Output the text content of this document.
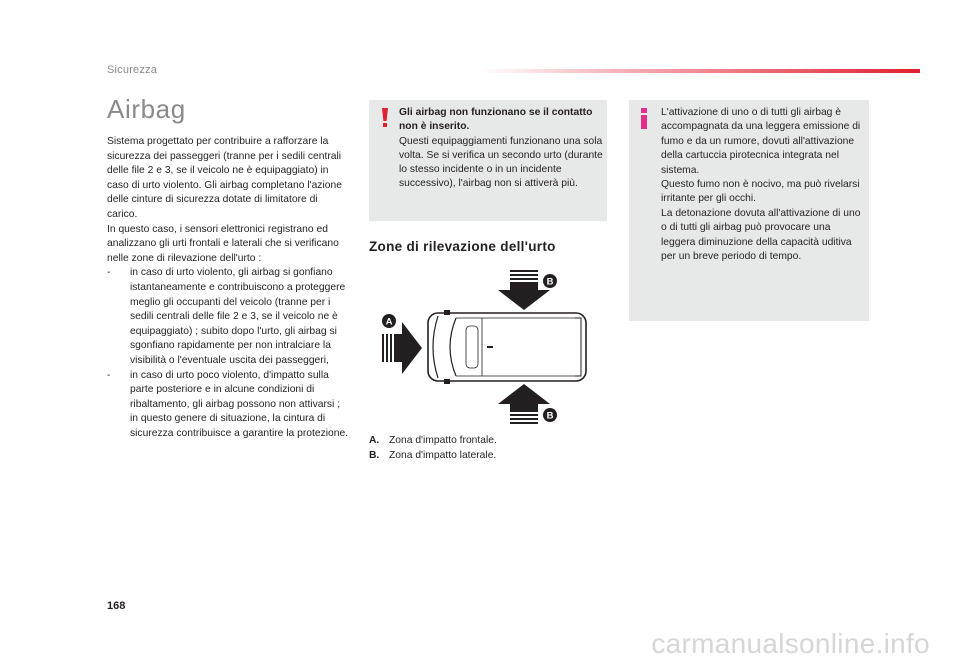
Sicurezza
Airbag

Sistema progettato per contribuire a rafforzare la sicurezza dei passeggeri (tranne per i sedili centrali delle file 2 e 3, se il veicolo ne è equipaggiato) in caso di urto violento. Gli airbag completano l'azione delle cinture di sicurezza dotate di limitatore di carico.

In questo caso, i sensori elettronici registrano ed analizzano gli urti frontali e laterali che si verificano nelle zone di rilevazione dell'urto :

- in caso di urto violento, gli airbag si gonfiano istantaneamente e contribuiscono a proteggere meglio gli occupanti del veicolo (tranne per i sedili centrali delle file 2 e 3, se il veicolo ne è equipaggiato) ; subito dopo l'urto, gli airbag si sgonfiano rapidamente per non intralciare la visibilità o l'eventuale uscita dei passeggeri,
- in caso di urto poco violento, d'impatto sulla parte posteriore e in alcune condizioni di ribaltamento, gli airbag possono non attivarsi ; in questo genere di situazione, la cintura di sicurezza contribuisce a garantire la protezione.
Gli airbag non funzionano se il contatto non è inserito.
Questi equipaggiamenti funzionano una sola volta. Se si verifica un secondo urto (durante lo stesso incidente o in un incidente successivo), l'airbag non si attiverà più.
Zone di rilevazione dell'urto
A
B
B
A. Zona d'impatto frontale.
B. Zona d'impatto laterale.

L'attivazione di uno o di tutti gli airbag è accompagnata da una leggera emissione di fumo e da un rumore, dovuti all'attivazione della cartuccia pirotecnica integrata nel sistema.

Questo fumo non è nocivo, ma può rivelarsi irritante per gli occhi.

La detonazione dovuta all'attivazione di uno o di tutti gli airbag può provocare una leggera diminuzione della capacità uditiva per un breve periodo di tempo.

168
carmanualsonline.info
